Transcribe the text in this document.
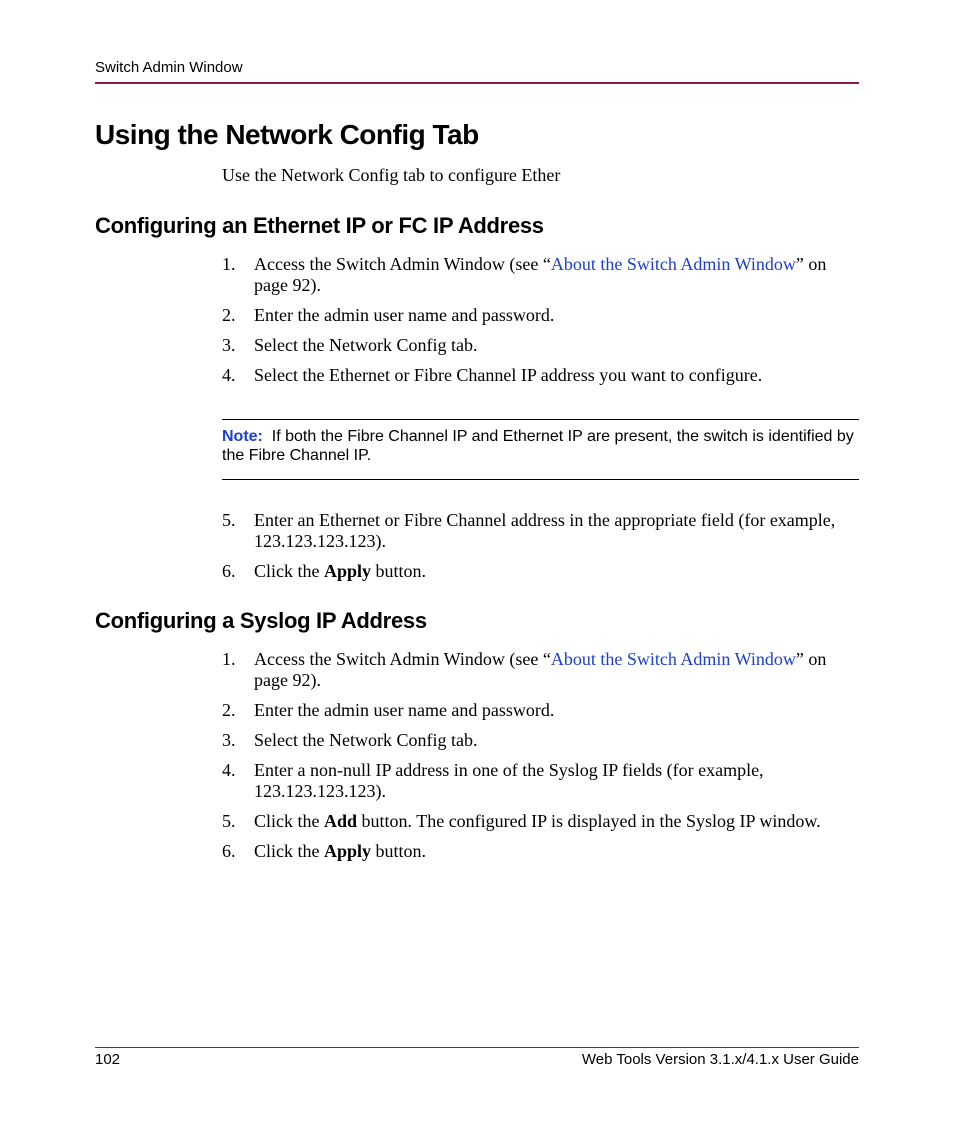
Switch Admin Window
Using the Network Config Tab
Use the Network Config tab to configure Ether
Configuring an Ethernet IP or FC IP Address
1. Access the Switch Admin Window (see “About the Switch Admin Window” on page 92).
2. Enter the admin user name and password.
3. Select the Network Config tab.
4. Select the Ethernet or Fibre Channel IP address you want to configure.
Note: If both the Fibre Channel IP and Ethernet IP are present, the switch is identified by the Fibre Channel IP.
5. Enter an Ethernet or Fibre Channel address in the appropriate field (for example, 123.123.123.123).
6. Click the Apply button.
Configuring a Syslog IP Address
1. Access the Switch Admin Window (see “About the Switch Admin Window” on page 92).
2. Enter the admin user name and password.
3. Select the Network Config tab.
4. Enter a non-null IP address in one of the Syslog IP fields (for example, 123.123.123.123).
5. Click the Add button. The configured IP is displayed in the Syslog IP window.
6. Click the Apply button.
102	Web Tools Version 3.1.x/4.1.x User Guide
